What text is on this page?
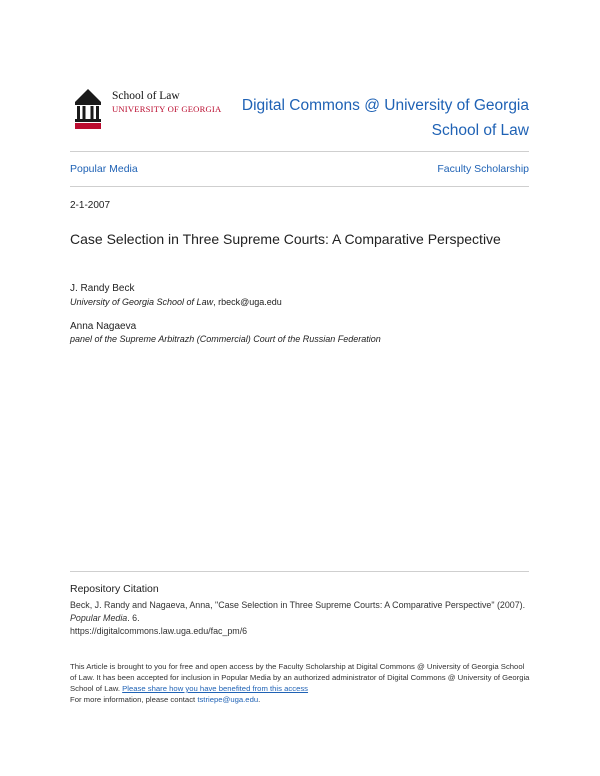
School of Law
UNIVERSITY OF GEORGIA	Digital Commons @ University of Georgia
School of Law
Popular Media	Faculty Scholarship
2-1-2007
Case Selection in Three Supreme Courts: A Comparative Perspective
J. Randy Beck
University of Georgia School of Law, rbeck@uga.edu
Anna Nagaeva
panel of the Supreme Arbitrazh (Commercial) Court of the Russian Federation
Repository Citation
Beck, J. Randy and Nagaeva, Anna, "Case Selection in Three Supreme Courts: A Comparative Perspective" (2007). Popular Media. 6.
https://digitalcommons.law.uga.edu/fac_pm/6
This Article is brought to you for free and open access by the Faculty Scholarship at Digital Commons @ University of Georgia School of Law. It has been accepted for inclusion in Popular Media by an authorized administrator of Digital Commons @ University of Georgia School of Law. Please share how you have benefited from this access
For more information, please contact tstriepe@uga.edu.
